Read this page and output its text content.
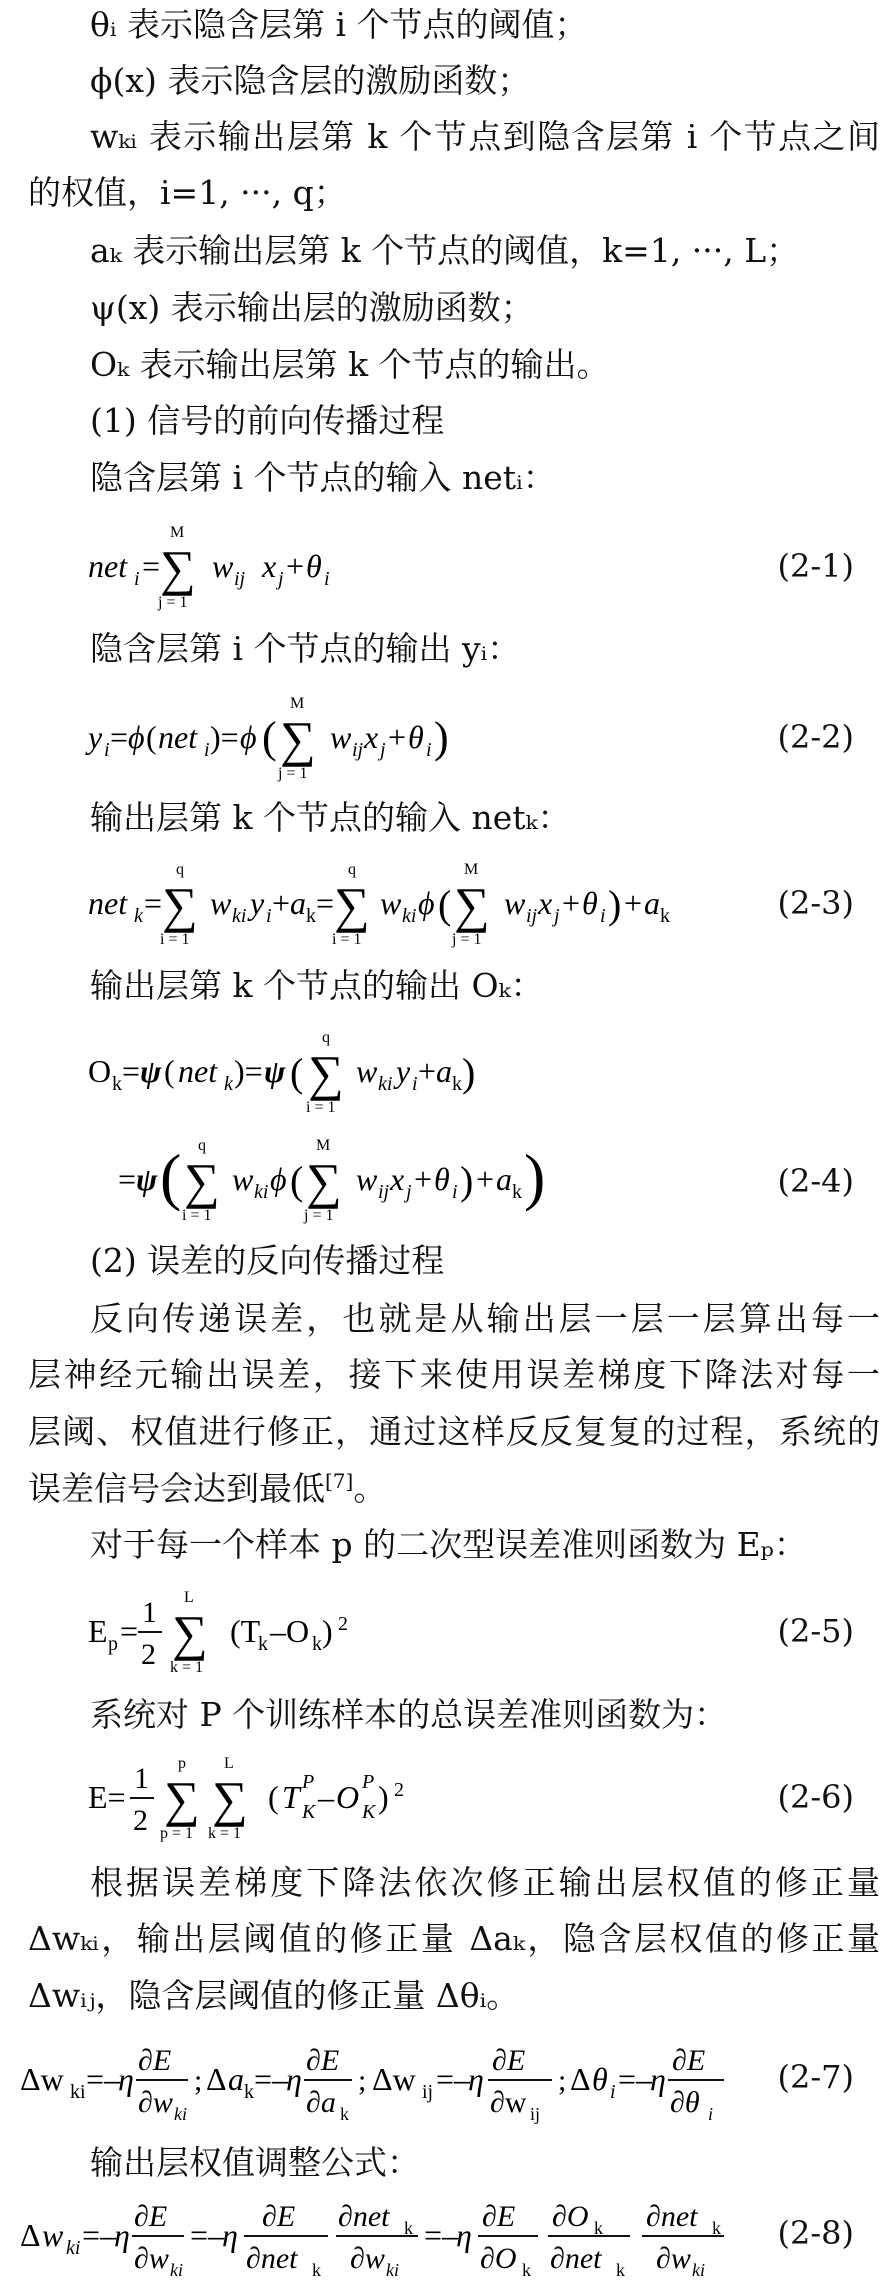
θᵢ 表示隐含层第 i 个节点的阈值；

ϕ(x) 表示隐含层的激励函数；

wₖᵢ 表示输出层第 k 个节点到隐含层第 i 个节点之间

的权值，i=1, ···, q；

aₖ 表示输出层第 k 个节点的阈值，k=1, ···, L；

ψ(x) 表示输出层的激励函数；

Oₖ 表示输出层第 k 个节点的输出。

(1) 信号的前向传播过程

隐含层第 i 个节点的输入 netᵢ：

net i = ∑
M
j = 1
w ij x j + θ i	(2-1)

隐含层第 i 个节点的输出 yᵢ：

y i = ϕ ( net i )= ϕ ( ∑
M
j = 1
w ij x j + θ i )	(2-2)

输出层第 k 个节点的输入 netₖ：

net k = ∑
q
i = 1
w ki y i + a k = ∑
q
i = 1
w ki ϕ ( ∑
M
j = 1
w ij x j + θ i ) + a k	(2-3)

输出层第 k 个节点的输出 Oₖ：

O k = ψ ( net k )= ψ ( ∑
q
i = 1
w ki y i + a k )
= ψ ( ∑
q
i = 1
w ki ϕ ( ∑
M
j = 1
w ij x j + θ i ) + a k )	(2-4)

(2) 误差的反向传播过程

反向传递误差，也就是从输出层一层一层算出每一

层神经元输出误差，接下来使用误差梯度下降法对每一

层阈、权值进行修正，通过这样反反复复的过程，系统的

误差信号会达到最低[7]。

对于每一个样本 p 的二次型误差准则函数为 Eₚ：

E p =
1
2 ∑
L
k = 1
(T
k –O k ) 2	(2-5)

系统对 P 个训练样本的总误差准则函数为：

E=
1
2 ∑
p
p = 1
∑
L
k = 1
( T P
K – O P
K ) 2	(2-6)

根据误差梯度下降法依次修正输出层权值的修正量

Δwₖᵢ，输出层阈值的修正量 Δaₖ，隐含层权值的修正量

Δwᵢⱼ，隐含层阈值的修正量 Δθᵢ。

Δw ki =–
η
∂E
∂w ki
; Δ a k =–
η
∂E
∂a k
; Δw ij =–
η
∂E
∂w ij
; Δ θ i =–
η
∂E
∂θ i
(2-7)

输出层权值调整公式：

Δ w ki =–
η
∂E
∂w ki
=–
η
∂E
∂net k
∂net k
∂w ki
=–
η
∂E
∂O k
∂O k
∂net k
∂net k
∂w ki
(2-8)
